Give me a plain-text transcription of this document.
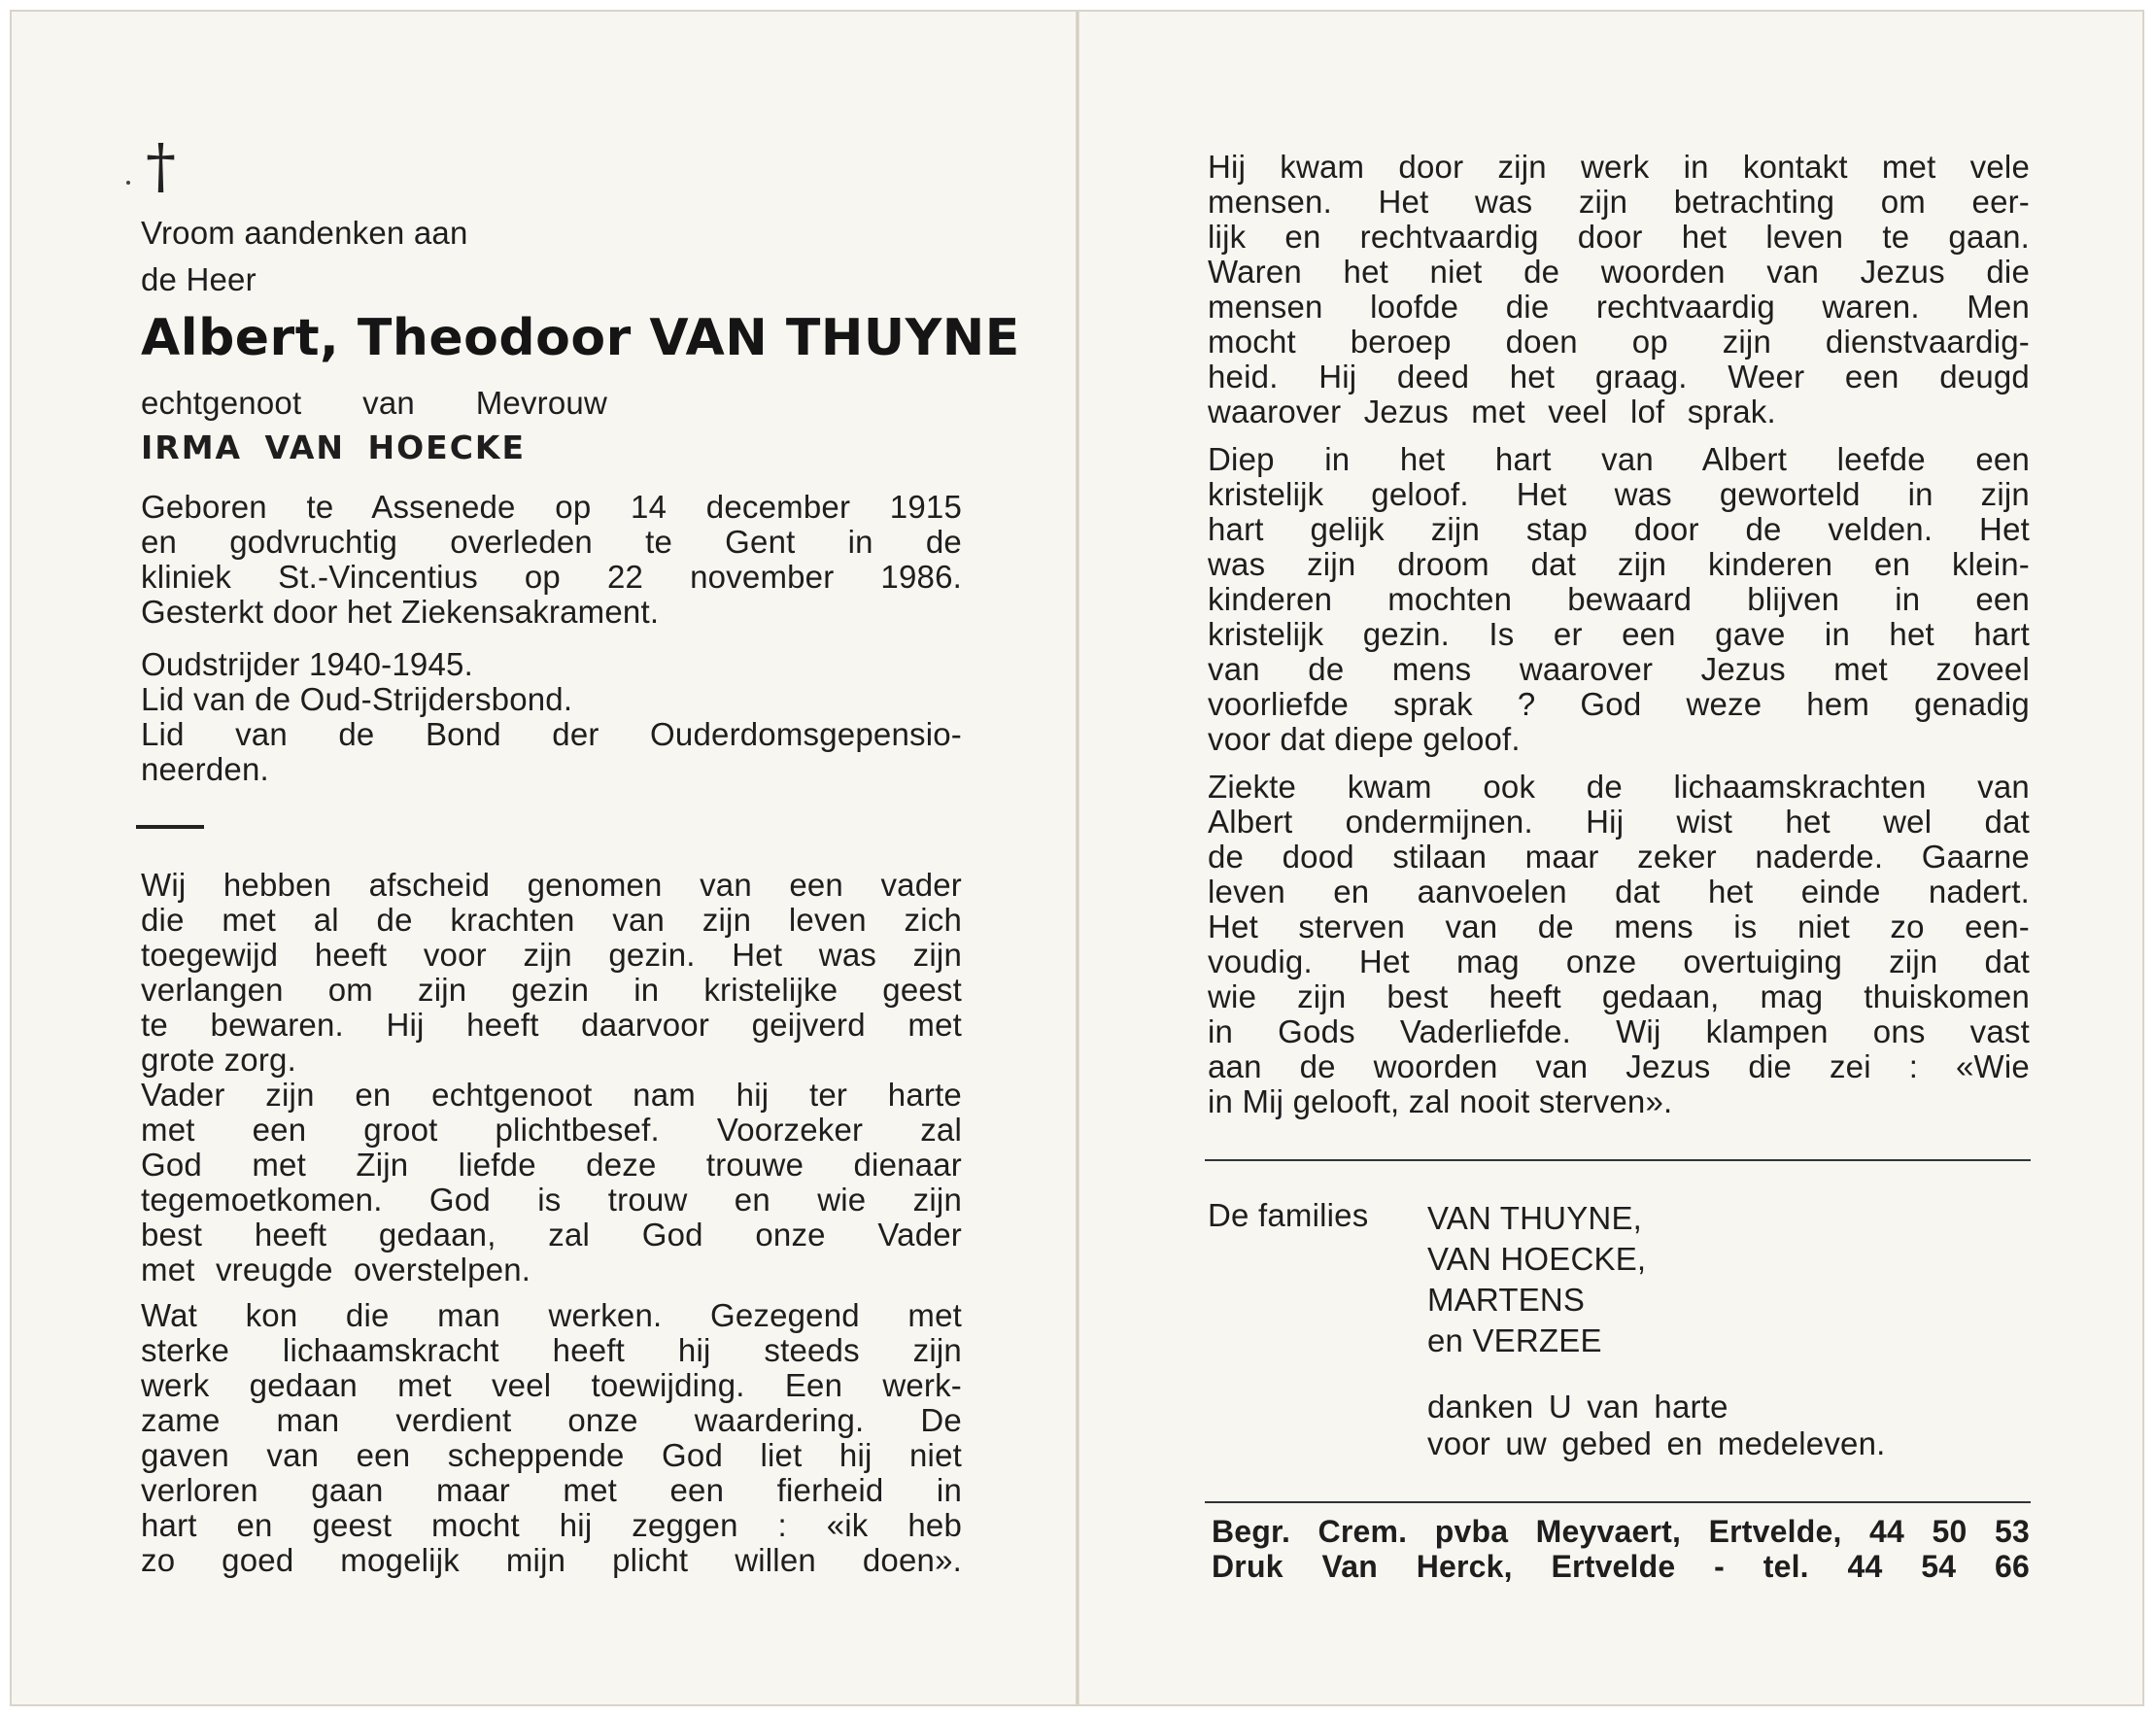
†
Vroom aandenken aan
de Heer
Albert, Theodoor VAN THUYNE
echtgenoot van Mevrouw
IRMA VAN HOECKE
Geboren te Assenede op 14 december 1915
en godvruchtig overleden te Gent in de
kliniek St.-Vincentius op 22 november 1986.
Gesterkt door het Ziekensakrament.
Oudstrijder 1940-1945.
Lid van de Oud-Strijdersbond.
Lid van de Bond der Ouderdomsgepensio-
neerden.
Wij hebben afscheid genomen van een vader
die met al de krachten van zijn leven zich
toegewijd heeft voor zijn gezin. Het was zijn
verlangen om zijn gezin in kristelijke geest
te bewaren. Hij heeft daarvoor geijverd met
grote zorg.
Vader zijn en echtgenoot nam hij ter harte
met een groot plichtbesef. Voorzeker zal
God met Zijn liefde deze trouwe dienaar
tegemoetkomen. God is trouw en wie zijn
best heeft gedaan, zal God onze Vader
met vreugde overstelpen.
Wat kon die man werken. Gezegend met
sterke lichaamskracht heeft hij steeds zijn
werk gedaan met veel toewijding. Een werk-
zame man verdient onze waardering. De
gaven van een scheppende God liet hij niet
verloren gaan maar met een fierheid in
hart en geest mocht hij zeggen : «ik heb
zo goed mogelijk mijn plicht willen doen».
Hij kwam door zijn werk in kontakt met vele
mensen. Het was zijn betrachting om eer-
lijk en rechtvaardig door het leven te gaan.
Waren het niet de woorden van Jezus die
mensen loofde die rechtvaardig waren. Men
mocht beroep doen op zijn dienstvaardig-
heid. Hij deed het graag. Weer een deugd
waarover Jezus met veel lof sprak.
Diep in het hart van Albert leefde een
kristelijk geloof. Het was geworteld in zijn
hart gelijk zijn stap door de velden. Het
was zijn droom dat zijn kinderen en klein-
kinderen mochten bewaard blijven in een
kristelijk gezin. Is er een gave in het hart
van de mens waarover Jezus met zoveel
voorliefde sprak ? God weze hem genadig
voor dat diepe geloof.
Ziekte kwam ook de lichaamskrachten van
Albert ondermijnen. Hij wist het wel dat
de dood stilaan maar zeker naderde. Gaarne
leven en aanvoelen dat het einde nadert.
Het sterven van de mens is niet zo een-
voudig. Het mag onze overtuiging zijn dat
wie zijn best heeft gedaan, mag thuiskomen
in Gods Vaderliefde. Wij klampen ons vast
aan de woorden van Jezus die zei : «Wie
in Mij gelooft, zal nooit sterven».
De families VAN THUYNE,
VAN HOECKE,
MARTENS
en VERZEE
danken U van harte
voor uw gebed en medeleven.
Begr. Crem. pvba Meyvaert, Ertvelde, 44 50 53
Druk Van Herck, Ertvelde - tel. 44 54 66
